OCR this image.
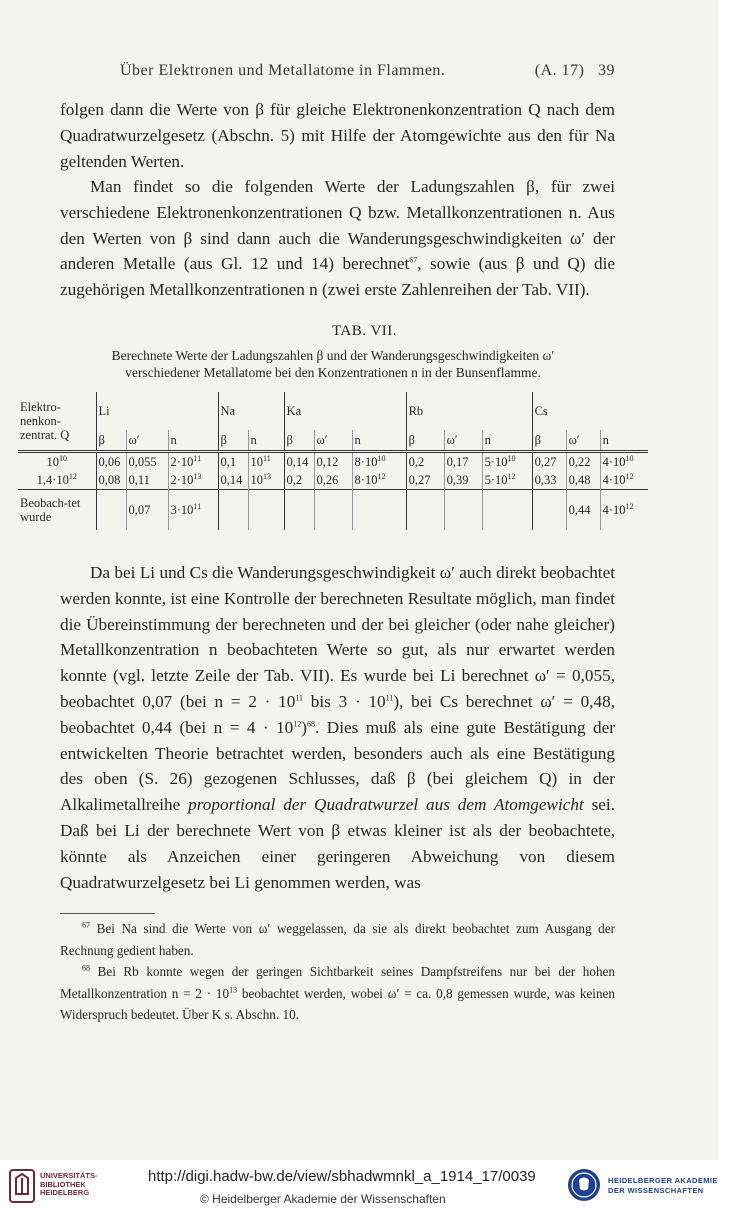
Über Elektronen und Metallatome in Flammen.	(A. 17) 39

folgen dann die Werte von β für gleiche Elektronenkonzentration Q nach dem Quadratwurzelgesetz (Abschn. 5) mit Hilfe der Atomgewichte aus den für Na geltenden Werten.

Man findet so die folgenden Werte der Ladungszahlen β, für zwei verschiedene Elektronenkonzentrationen Q bzw. Metallkonzentrationen n. Aus den Werten von β sind dann auch die Wanderungsgeschwindigkeiten ω′ der anderen Metalle (aus Gl. 12 und 14) berechnet$^{67}$, sowie (aus β und Q) die zugehörigen Metallkonzentrationen n (zwei erste Zahlenreihen der Tab. VII).

TAB. VII.
Berechnete Werte der Ladungszahlen β und der Wanderungsgeschwindigkeiten ω′
verschiedener Metallatome bei den Konzentrationen n in der Bunsenflamme.
Elektro-nenkon-zentrat. Q	Li			Na		Ka			Rb			Cs		
	β	ω′	n	β	n	β	ω′	n	β	ω′	n	β	ω′	n
$10^{10}$	0,06	0,055	$2\cdot 10^{11}$	0,1	$10^{11}$	0,14	0,12	$8\cdot 10^{10}$	0,2	0,17	$5\cdot 10^{10}$	0,27	0,22	$4\cdot 10^{10}$
$1,4\cdot 10^{12}$	0,08	0,11	$2\cdot 10^{13}$	0,14	$10^{13}$	0,2	0,26	$8\cdot 10^{12}$	0,27	0,39	$5\cdot 10^{12}$	0,33	0,48	$4\cdot 10^{12}$
Beobach-tet wurde		0,07	$3\cdot 10^{11}$										0,44	$4\cdot 10^{12}$

Da bei Li und Cs die Wanderungsgeschwindigkeit ω′ auch direkt beobachtet werden konnte, ist eine Kontrolle der berechneten Resultate möglich, man findet die Übereinstimmung der berechneten und der bei gleicher (oder nahe gleicher) Metallkonzentration n beobachteten Werte so gut, als nur erwartet werden konnte (vgl. letzte Zeile der Tab. VII). Es wurde bei Li berechnet ω′ = 0,055, beobachtet 0,07 (bei $n = 2 \cdot 10^{11}$ bis $3 \cdot 10^{11}$), bei Cs berechnet ω′ = 0,48, beobachtet 0,44 (bei $n = 4 \cdot 10^{12})^{68}$. Dies muß als eine gute Bestätigung der entwickelten Theorie betrachtet werden, besonders auch als eine Bestätigung des oben (S. 26) gezogenen Schlusses, daß β (bei gleichem Q) in der Alkalimetallreihe proportional der Quadratwurzel aus dem Atomgewicht sei. Daß bei Li der berechnete Wert von β etwas kleiner ist als der beobachtete, könnte als Anzeichen einer geringeren Abweichung von diesem Quadratwurzelgesetz bei Li genommen werden, was

$^{67}$ Bei Na sind die Werte von ω′ weggelassen, da sie als direkt beobachtet zum Ausgang der Rechnung gedient haben.

$^{68}$ Bei Rb konnte wegen der geringen Sichtbarkeit seines Dampfstreifens nur bei der hohen Metallkonzentration $n = 2 \cdot 10^{13}$ beobachtet werden, wobei ω′ = ca. 0,8 gemessen wurde, was keinen Widerspruch bedeutet. Über K s. Abschn. 10.

UNIVERSITÄTS-
BIBLIOTHEK
HEIDELBERG
http://digi.hadw-bw.de/view/sbhadwmnkl_a_1914_17/0039
© Heidelberger Akademie der Wissenschaften
HEIDELBERGER AKADEMIE
DER WISSENSCHAFTEN
